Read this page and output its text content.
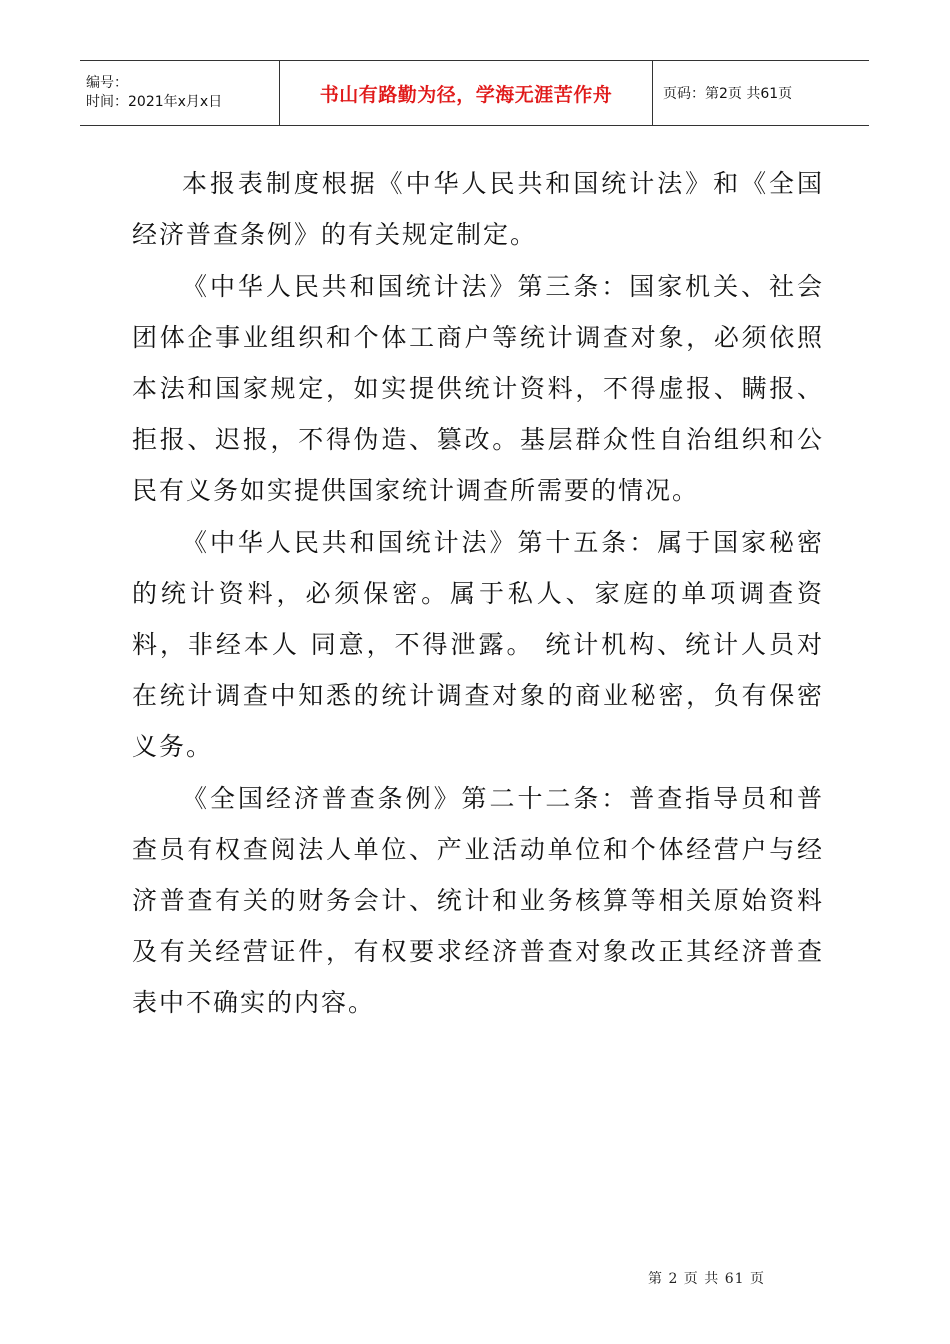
编号：
时间：2021年x月x日	书山有路勤为径，学海无涯苦作舟	页码：第2页 共61页

本报表制度根据《中华人民共和国统计法》和《全国经济普查条例》的有关规定制定。

《中华人民共和国统计法》第三条：国家机关、社会团体企事业组织和个体工商户等统计调查对象，必须依照本法和国家规定，如实提供统计资料，不得虚报、瞒报、拒报、迟报，不得伪造、篡改。基层群众性自治组织和公民有义务如实提供国家统计调查所需要的情况。

《中华人民共和国统计法》第十五条：属于国家秘密的统计资料，必须保密。属于私人、家庭的单项调查资料，非经本人 同意，不得泄露。 统计机构、统计人员对在统计调查中知悉的统计调查对象的商业秘密，负有保密义务。

《全国经济普查条例》第二十二条：普查指导员和普查员有权查阅法人单位、产业活动单位和个体经营户与经济普查有关的财务会计、统计和业务核算等相关原始资料及有关经营证件，有权要求经济普查对象改正其经济普查表中不确实的内容。

第 2 页 共 61 页
